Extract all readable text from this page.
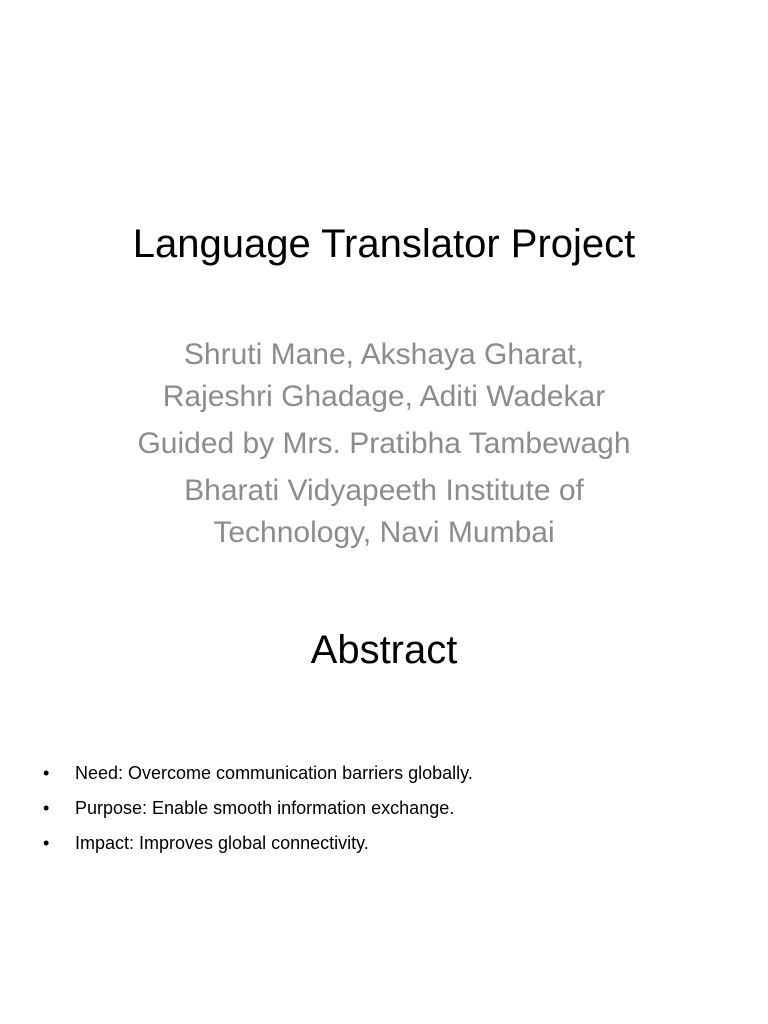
Language Translator Project
Shruti Mane, Akshaya Gharat,
Rajeshri Ghadage, Aditi Wadekar
Guided by Mrs. Pratibha Tambewagh
Bharati Vidyapeeth Institute of
Technology, Navi Mumbai
Abstract
• Need: Overcome communication barriers globally.
• Purpose: Enable smooth information exchange.
• Impact: Improves global connectivity.
